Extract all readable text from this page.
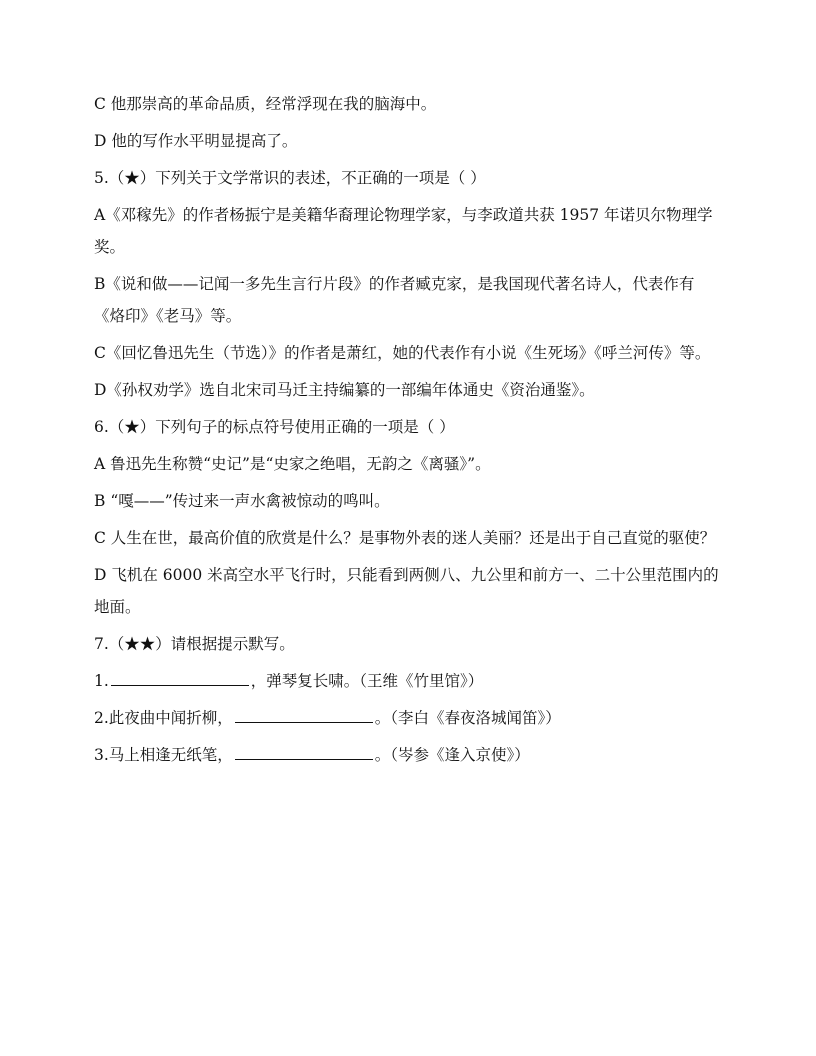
C 他那崇高的革命品质，经常浮现在我的脑海中。

D 他的写作水平明显提高了。

5.（★）下列关于文学常识的表述，不正确的一项是（ ）

A《邓稼先》的作者杨振宁是美籍华裔理论物理学家，与李政道共获 1957 年诺贝尔物理学奖。

B《说和做——记闻一多先生言行片段》的作者臧克家，是我国现代著名诗人，代表作有《烙印》《老马》等。

C《回忆鲁迅先生（节选）》的作者是萧红，她的代表作有小说《生死场》《呼兰河传》等。

D《孙权劝学》选自北宋司马迁主持编纂的一部编年体通史《资治通鉴》。

6.（★）下列句子的标点符号使用正确的一项是（ ）

A 鲁迅先生称赞“史记”是“史家之绝唱，无韵之《离骚》”。

B “嘎——”传过来一声水禽被惊动的鸣叫。

C 人生在世，最高价值的欣赏是什么？是事物外表的迷人美丽？还是出于自己直觉的驱使？

D 飞机在 6000 米高空水平飞行时，只能看到两侧八、九公里和前方一、二十公里范围内的地面。

7.（★★）请根据提示默写。

1.	，弹琴复长啸。（王维《竹里馆》）

2.此夜曲中闻折柳，	。（李白《春夜洛城闻笛》）

3.马上相逢无纸笔，	。（岑参《逢入京使》）
